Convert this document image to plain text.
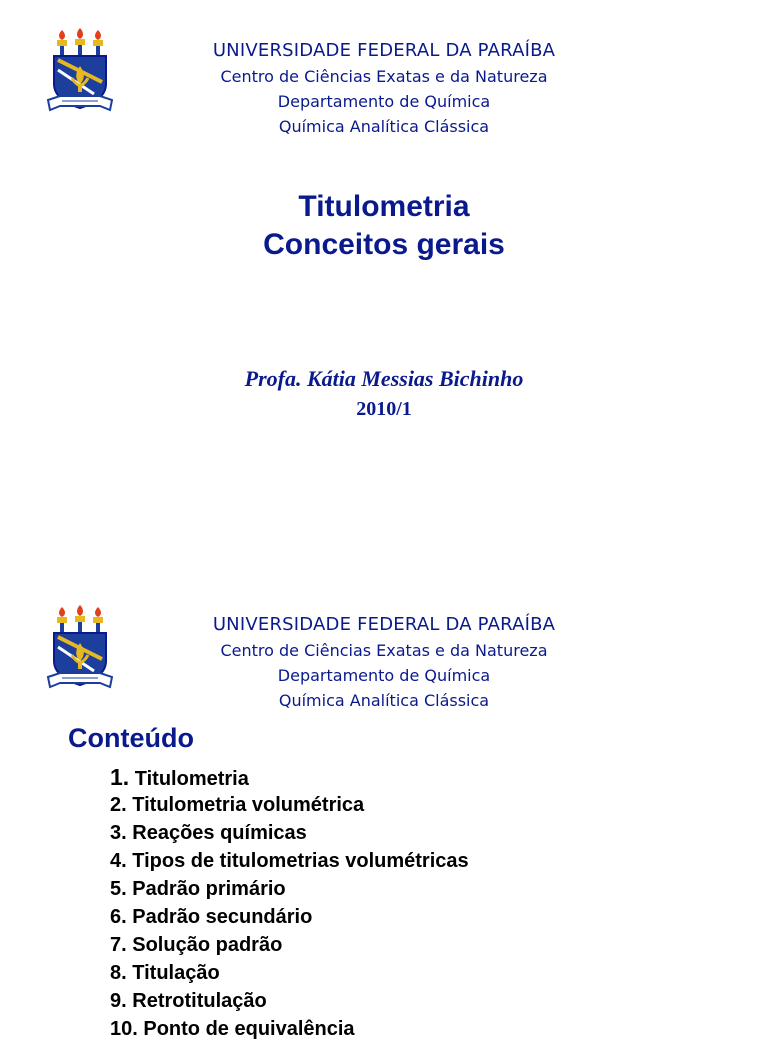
UNIVERSIDADE FEDERAL DA PARAÍBA
Centro de Ciências Exatas e da Natureza
Departamento de Química
Química Analítica Clássica
Titulometria
Conceitos gerais
Profa. Kátia Messias Bichinho
2010/1
UNIVERSIDADE FEDERAL DA PARAÍBA
Centro de Ciências Exatas e da Natureza
Departamento de Química
Química Analítica Clássica
Conteúdo
1. Titulometria
2. Titulometria volumétrica
3. Reações químicas
4. Tipos de titulometrias volumétricas
5. Padrão primário
6. Padrão secundário
7. Solução padrão
8. Titulação
9. Retrotitulação
10. Ponto de equivalência
